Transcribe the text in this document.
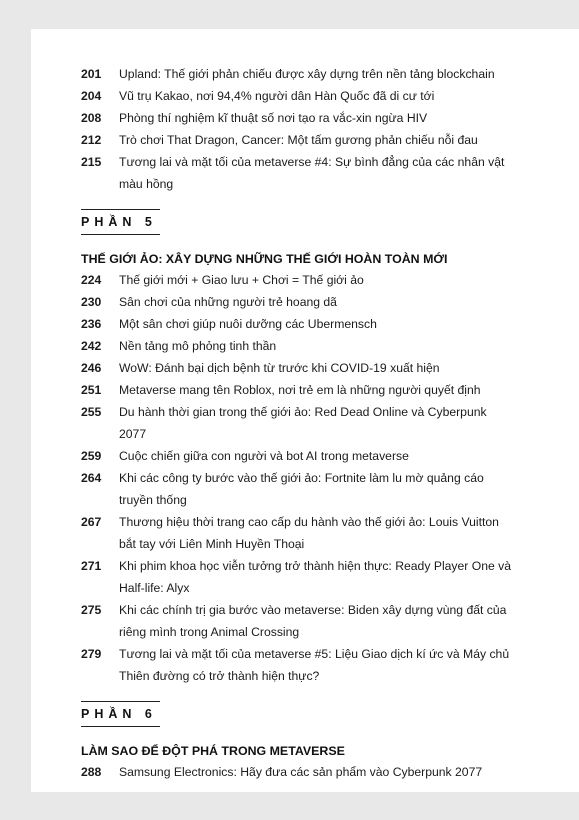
201	Upland: Thế giới phản chiếu được xây dựng trên nền tảng blockchain
204	Vũ trụ Kakao, nơi 94,4% người dân Hàn Quốc đã di cư tới
208	Phòng thí nghiệm kĩ thuật số nơi tạo ra vắc-xin ngừa HIV
212	Trò chơi That Dragon, Cancer: Một tấm gương phản chiếu nỗi đau
215	Tương lai và mặt tối của metaverse #4: Sự bình đẳng của các nhân vật màu hồng
PHẦN 5
THẾ GIỚI ẢO: XÂY DỰNG NHỮNG THẾ GIỚI HOÀN TOÀN MỚI
224	Thế giới mới + Giao lưu + Chơi = Thế giới ảo
230	Sân chơi của những người trẻ hoang dã
236	Một sân chơi giúp nuôi dưỡng các Ubermensch
242	Nền tảng mô phỏng tinh thần
246	WoW: Đánh bại dịch bệnh từ trước khi COVID-19 xuất hiện
251	Metaverse mang tên Roblox, nơi trẻ em là những người quyết định
255	Du hành thời gian trong thế giới ảo: Red Dead Online và Cyberpunk 2077
259	Cuộc chiến giữa con người và bot AI trong metaverse
264	Khi các công ty bước vào thế giới ảo: Fortnite làm lu mờ quảng cáo truyền thống
267	Thương hiệu thời trang cao cấp du hành vào thế giới ảo: Louis Vuitton bắt tay với Liên Minh Huyền Thoại
271	Khi phim khoa học viễn tưởng trở thành hiện thực: Ready Player One và Half-life: Alyx
275	Khi các chính trị gia bước vào metaverse: Biden xây dựng vùng đất của riêng mình trong Animal Crossing
279	Tương lai và mặt tối của metaverse #5: Liệu Giao dịch kí ức và Máy chủ Thiên đường có trở thành hiện thực?
PHẦN 6
LÀM SAO ĐỂ ĐỘT PHÁ TRONG METAVERSE
288	Samsung Electronics: Hãy đưa các sản phẩm vào Cyberpunk 2077
